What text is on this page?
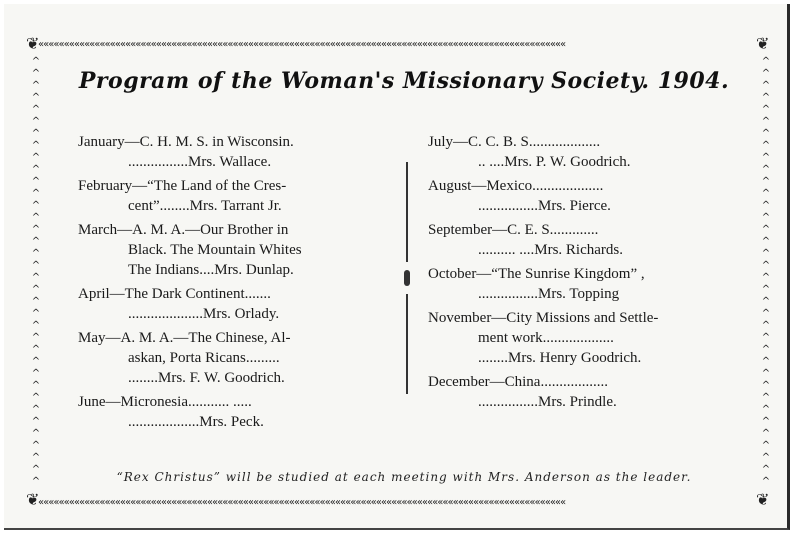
«««««««««««««««««««««««««««««««««««««««««««««««««««««««««««««««««««««««««««««««««««««««««««««««««««««««
«««««««««««««««««««««««««««««««««««««««««««««««««««««««««««««««««««««««««««««««««««««««««««««««««««««««
^ ^ ^ ^ ^ ^ ^ ^ ^ ^ ^ ^ ^ ^ ^ ^ ^ ^ ^ ^ ^ ^ ^ ^ ^ ^ ^ ^ ^ ^ ^ ^ ^ ^ ^ ^
^ ^ ^ ^ ^ ^ ^ ^ ^ ^ ^ ^ ^ ^ ^ ^ ^ ^ ^ ^ ^ ^ ^ ^ ^ ^ ^ ^ ^ ^ ^ ^ ^ ^ ^ ^
❦	❦
❦	❦
Program of the Woman's Missionary Society. 1904.
January—C. H. M. S. in Wisconsin.
................Mrs. Wallace.
February—“The Land of the Cres-
cent”........Mrs. Tarrant Jr.
March—A. M. A.—Our Brother in
Black. The Mountain Whites
The Indians....Mrs. Dunlap.
April—The Dark Continent.......
....................Mrs. Orlady.
May—A. M. A.—The Chinese, Al-
askan, Porta Ricans.........
........Mrs. F. W. Goodrich.
June—Micronesia........... .....
...................Mrs. Peck.
July—C. C. B. S...................
.. ....Mrs. P. W. Goodrich.
August—Mexico...................
................Mrs. Pierce.
September—C. E. S.............
.......... ....Mrs. Richards.
October—“The Sunrise Kingdom” ,
................Mrs. Topping
November—City Missions and Settle-
ment work...................
........Mrs. Henry Goodrich.
December—China..................
................Mrs. Prindle.
“Rex Christus” will be studied at each meeting with Mrs. Anderson as the leader.
